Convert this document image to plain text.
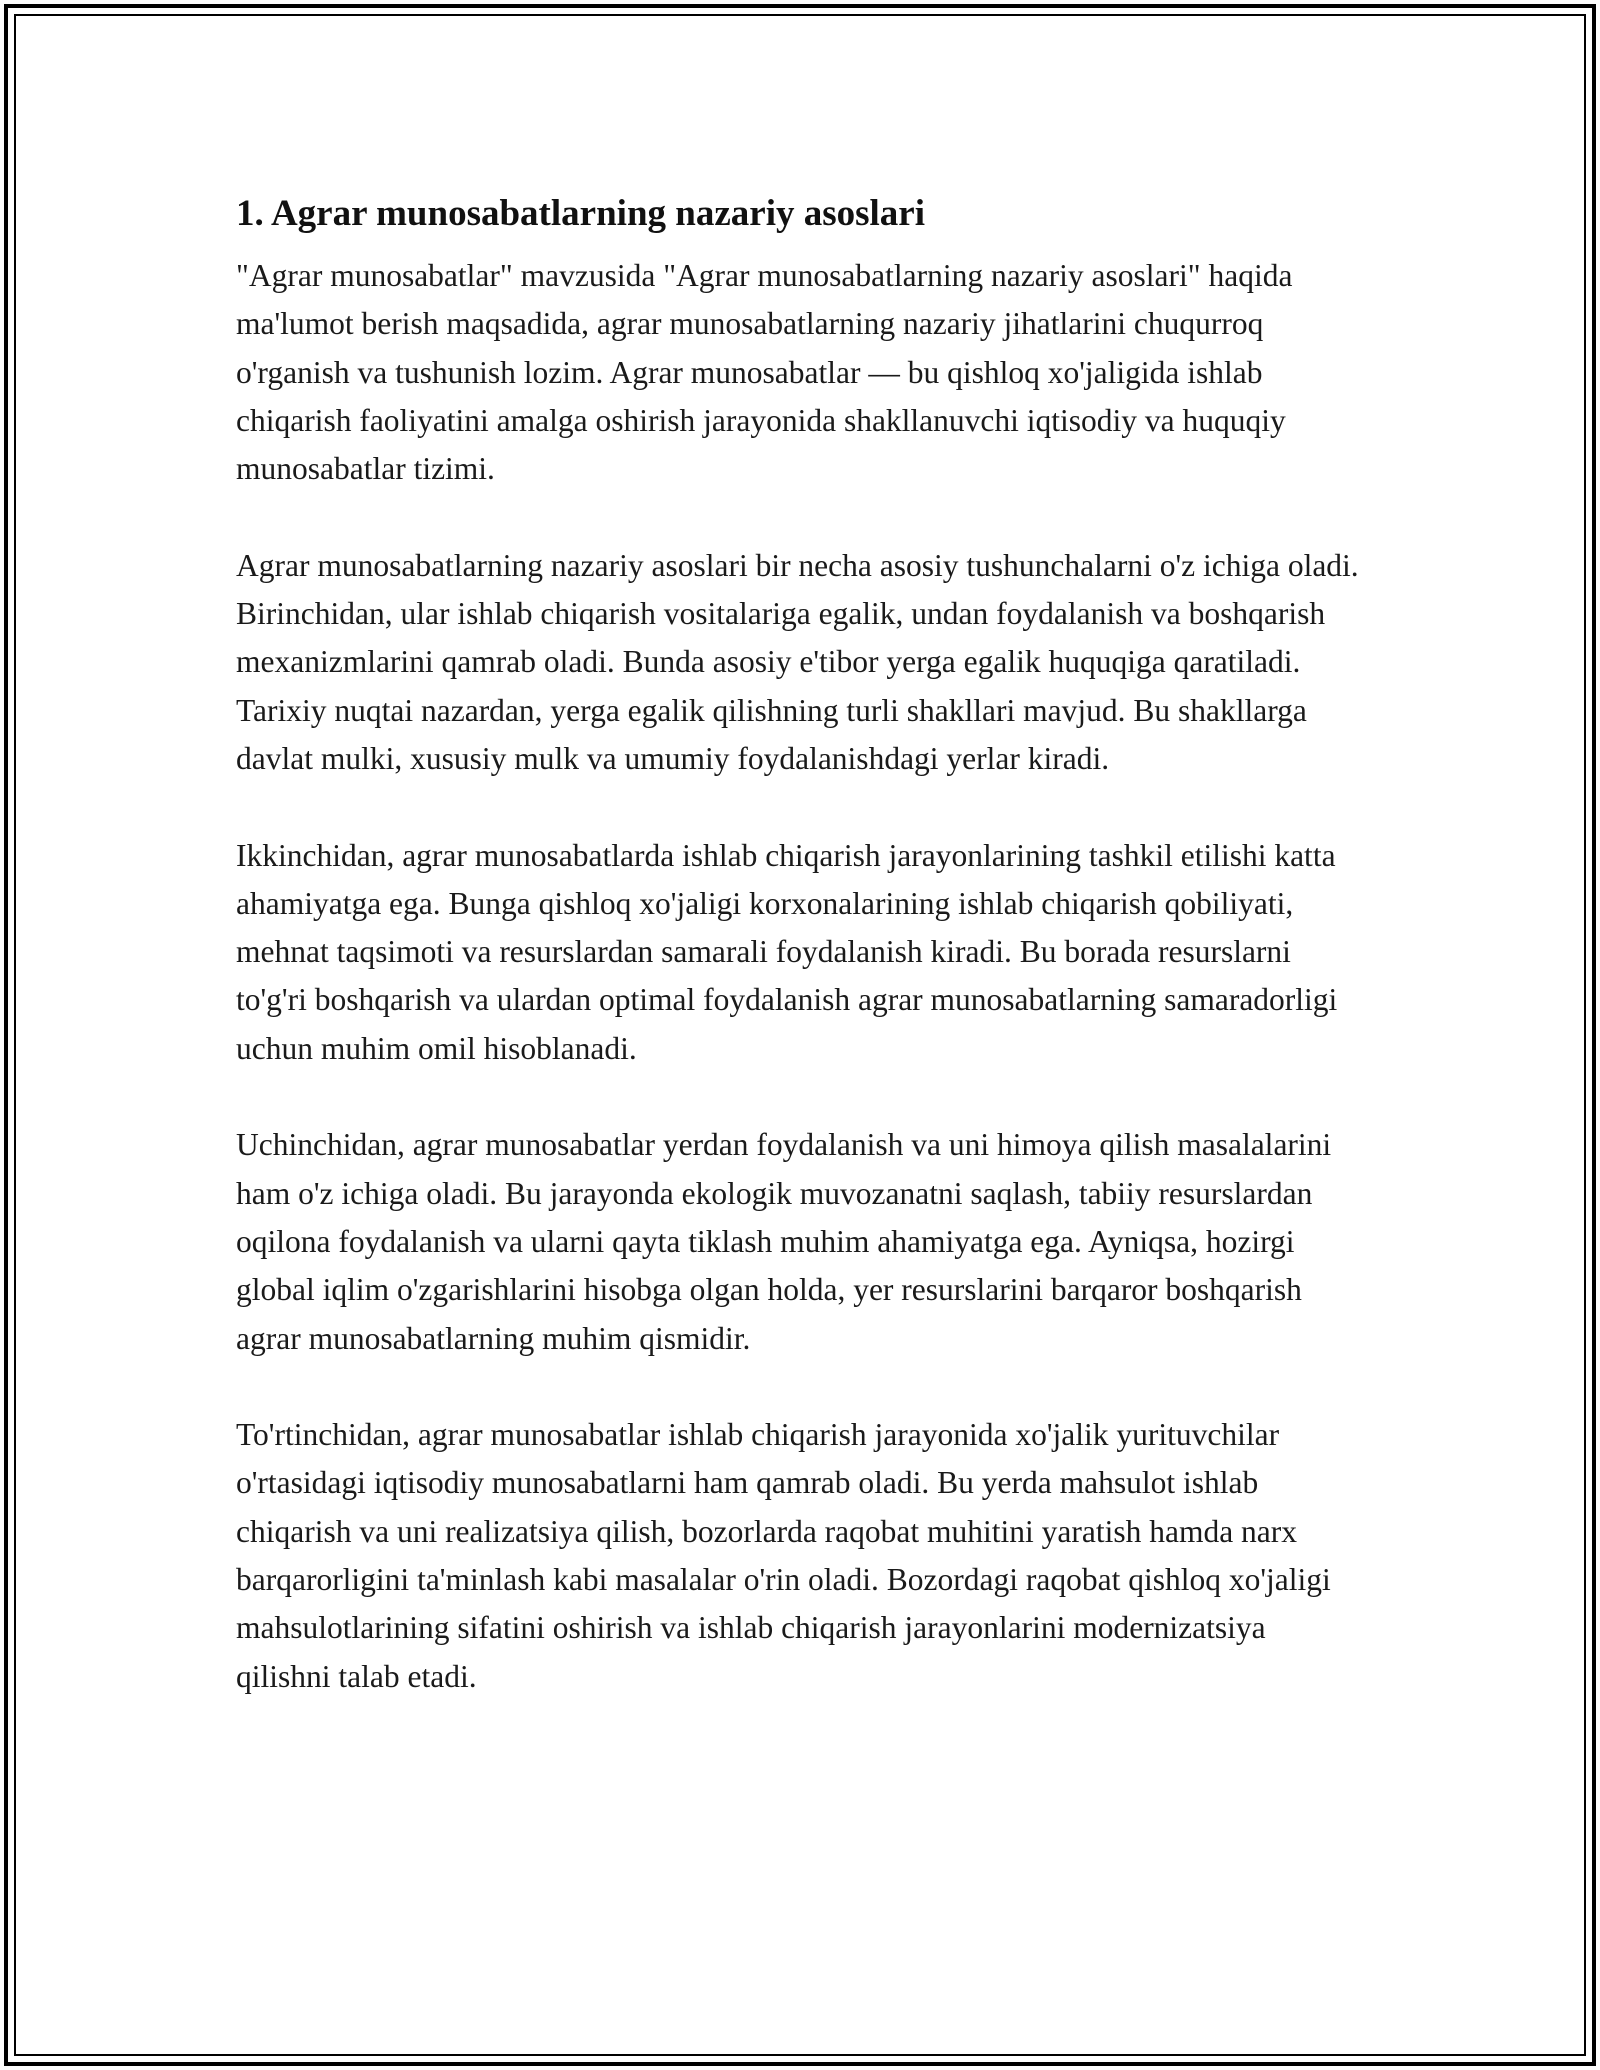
1. Agrar munosabatlarning nazariy asoslari

"Agrar munosabatlar" mavzusida "Agrar munosabatlarning nazariy asoslari" haqida ma'lumot berish maqsadida, agrar munosabatlarning nazariy jihatlarini chuqurroq o'rganish va tushunish lozim. Agrar munosabatlar — bu qishloq xo'jaligida ishlab chiqarish faoliyatini amalga oshirish jarayonida shakllanuvchi iqtisodiy va huquqiy munosabatlar tizimi.

Agrar munosabatlarning nazariy asoslari bir necha asosiy tushunchalarni o'z ichiga oladi. Birinchidan, ular ishlab chiqarish vositalariga egalik, undan foydalanish va boshqarish mexanizmlarini qamrab oladi. Bunda asosiy e'tibor yerga egalik huquqiga qaratiladi. Tarixiy nuqtai nazardan, yerga egalik qilishning turli shakllari mavjud. Bu shakllarga davlat mulki, xususiy mulk va umumiy foydalanishdagi yerlar kiradi.

Ikkinchidan, agrar munosabatlarda ishlab chiqarish jarayonlarining tashkil etilishi katta ahamiyatga ega. Bunga qishloq xo'jaligi korxonalarining ishlab chiqarish qobiliyati, mehnat taqsimoti va resurslardan samarali foydalanish kiradi. Bu borada resurslarni to'g'ri boshqarish va ulardan optimal foydalanish agrar munosabatlarning samaradorligi uchun muhim omil hisoblanadi.

Uchinchidan, agrar munosabatlar yerdan foydalanish va uni himoya qilish masalalarini ham o'z ichiga oladi. Bu jarayonda ekologik muvozanatni saqlash, tabiiy resurslardan oqilona foydalanish va ularni qayta tiklash muhim ahamiyatga ega. Ayniqsa, hozirgi global iqlim o'zgarishlarini hisobga olgan holda, yer resurslarini barqaror boshqarish agrar munosabatlarning muhim qismidir.

To'rtinchidan, agrar munosabatlar ishlab chiqarish jarayonida xo'jalik yurituvchilar o'rtasidagi iqtisodiy munosabatlarni ham qamrab oladi. Bu yerda mahsulot ishlab chiqarish va uni realizatsiya qilish, bozorlarda raqobat muhitini yaratish hamda narx barqarorligini ta'minlash kabi masalalar o'rin oladi. Bozordagi raqobat qishloq xo'jaligi mahsulotlarining sifatini oshirish va ishlab chiqarish jarayonlarini modernizatsiya qilishni talab etadi.
